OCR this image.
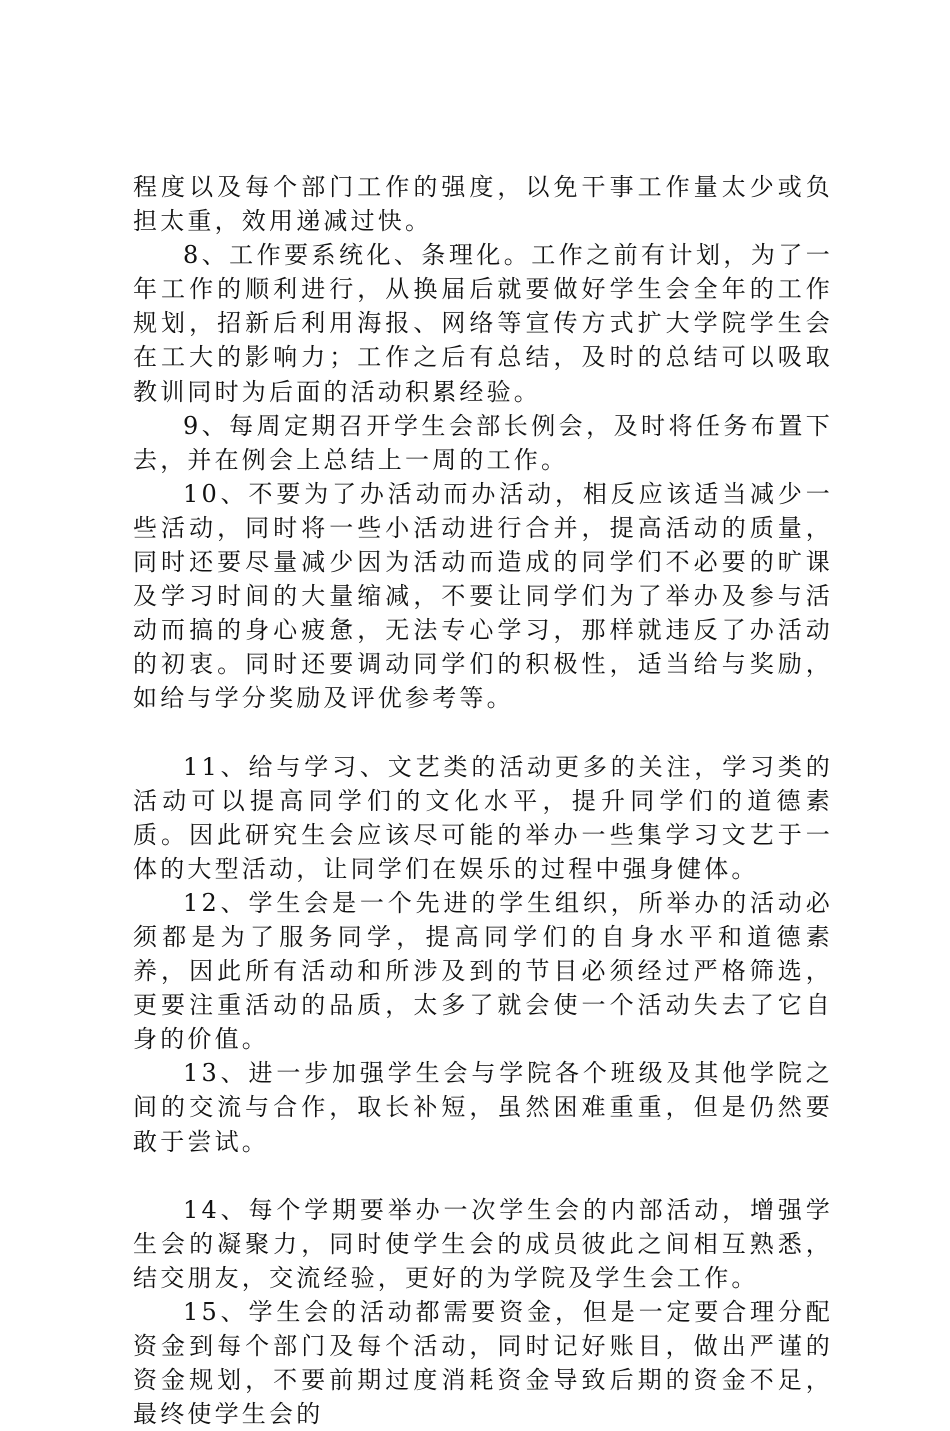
程度以及每个部门工作的强度，以免干事工作量太少或负担太重，效用递减过快。

8、工作要系统化、条理化。工作之前有计划，为了一年工作的顺利进行，从换届后就要做好学生会全年的工作规划，招新后利用海报、网络等宣传方式扩大学院学生会在工大的影响力；工作之后有总结，及时的总结可以吸取教训同时为后面的活动积累经验。

9、每周定期召开学生会部长例会，及时将任务布置下去，并在例会上总结上一周的工作。

10、不要为了办活动而办活动，相反应该适当减少一些活动，同时将一些小活动进行合并，提高活动的质量，同时还要尽量减少因为活动而造成的同学们不必要的旷课及学习时间的大量缩减，不要让同学们为了举办及参与活动而搞的身心疲惫，无法专心学习，那样就违反了办活动的初衷。同时还要调动同学们的积极性，适当给与奖励，如给与学分奖励及评优参考等。

11、给与学习、文艺类的活动更多的关注，学习类的活动可以提高同学们的文化水平，提升同学们的道德素质。因此研究生会应该尽可能的举办一些集学习文艺于一体的大型活动，让同学们在娱乐的过程中强身健体。

12、学生会是一个先进的学生组织，所举办的活动必须都是为了服务同学，提高同学们的自身水平和道德素养，因此所有活动和所涉及到的节目必须经过严格筛选，更要注重活动的品质，太多了就会使一个活动失去了它自身的价值。

13、进一步加强学生会与学院各个班级及其他学院之间的交流与合作，取长补短，虽然困难重重，但是仍然要敢于尝试。

14、每个学期要举办一次学生会的内部活动，增强学生会的凝聚力，同时使学生会的成员彼此之间相互熟悉，结交朋友，交流经验，更好的为学院及学生会工作。

15、学生会的活动都需要资金，但是一定要合理分配资金到每个部门及每个活动，同时记好账目，做出严谨的资金规划，不要前期过度消耗资金导致后期的资金不足，最终使学生会的
